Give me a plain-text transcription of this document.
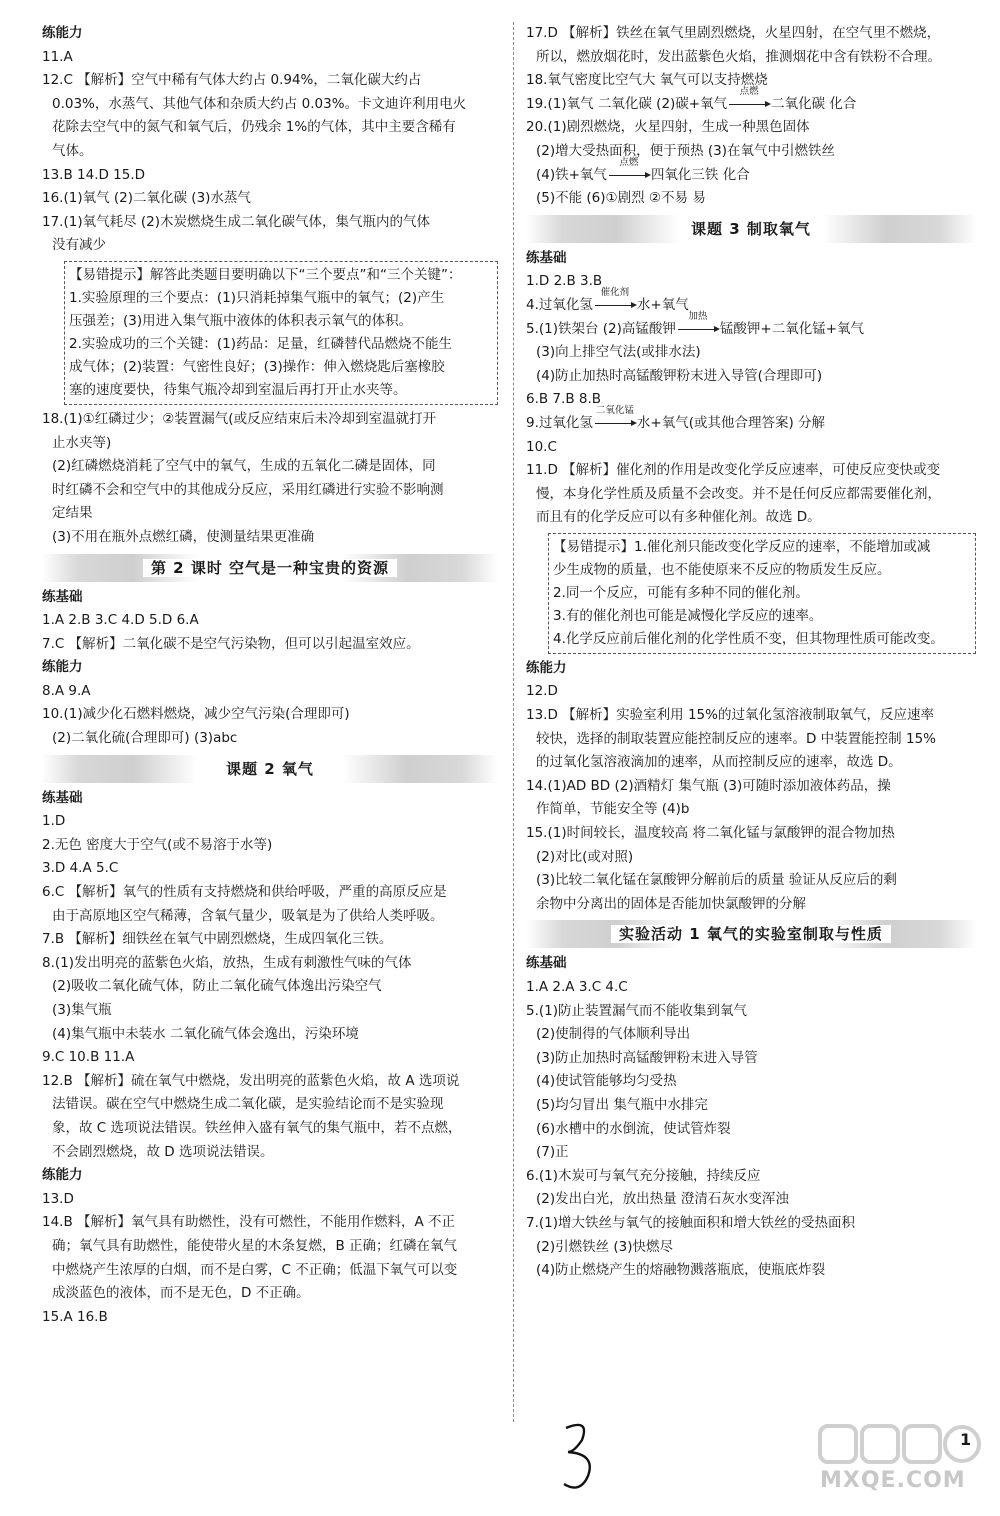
练能力
11.A
12.C 【解析】空气中稀有气体大约占 0.94%，二氧化碳大约占
0.03%，水蒸气、其他气体和杂质大约占 0.03%。卡文迪许利用电火
花除去空气中的氮气和氧气后，仍残余 1%的气体，其中主要含稀有
气体。
13.B 14.D 15.D
16.(1)氧气 (2)二氧化碳 (3)水蒸气
17.(1)氧气耗尽 (2)木炭燃烧生成二氧化碳气体，集气瓶内的气体
没有减少
【易错提示】解答此类题目要明确以下“三个要点”和“三个关键”：
1.实验原理的三个要点：(1)只消耗掉集气瓶中的氧气；(2)产生
压强差；(3)用进入集气瓶中液体的体积表示氧气的体积。
2.实验成功的三个关键：(1)药品：足量，红磷替代品燃烧不能生
成气体；(2)装置：气密性良好；(3)操作：伸入燃烧匙后塞橡胶
塞的速度要快，待集气瓶冷却到室温后再打开止水夹等。
18.(1)①红磷过少；②装置漏气(或反应结束后未冷却到室温就打开
止水夹等)
(2)红磷燃烧消耗了空气中的氧气，生成的五氧化二磷是固体，同
时红磷不会和空气中的其他成分反应，采用红磷进行实验不影响测
定结果
(3)不用在瓶外点燃红磷，使测量结果更准确
第 2 课时 空气是一种宝贵的资源
练基础
1.A 2.B 3.C 4.D 5.D 6.A
7.C 【解析】二氧化碳不是空气污染物，但可以引起温室效应。
练能力
8.A 9.A
10.(1)减少化石燃料燃烧，减少空气污染(合理即可)
(2)二氧化硫(合理即可) (3)abc
课题 2 氧气
练基础
1.D
2.无色 密度大于空气(或不易溶于水等)
3.D 4.A 5.C
6.C 【解析】氧气的性质有支持燃烧和供给呼吸，严重的高原反应是
由于高原地区空气稀薄，含氧气量少，吸氧是为了供给人类呼吸。
7.B 【解析】细铁丝在氧气中剧烈燃烧，生成四氧化三铁。
8.(1)发出明亮的蓝紫色火焰，放热，生成有刺激性气味的气体
(2)吸收二氧化硫气体，防止二氧化硫气体逸出污染空气
(3)集气瓶
(4)集气瓶中未装水 二氧化硫气体会逸出，污染环境
9.C 10.B 11.A
12.B 【解析】硫在氧气中燃烧，发出明亮的蓝紫色火焰，故 A 选项说
法错误。碳在空气中燃烧生成二氧化碳，是实验结论而不是实验现
象，故 C 选项说法错误。铁丝伸入盛有氧气的集气瓶中，若不点燃，
不会剧烈燃烧，故 D 选项说法错误。
练能力
13.D
14.B 【解析】氧气具有助燃性，没有可燃性，不能用作燃料，A 不正
确；氧气具有助燃性，能使带火星的木条复燃，B 正确；红磷在氧气
中燃烧产生浓厚的白烟，而不是白雾，C 不正确；低温下氧气可以变
成淡蓝色的液体，而不是无色，D 不正确。
15.A 16.B
17.D 【解析】铁丝在氧气里剧烈燃烧，火星四射，在空气里不燃烧，
所以，燃放烟花时，发出蓝紫色火焰，推测烟花中含有铁粉不合理。
18.氧气密度比空气大 氧气可以支持燃烧
19.(1)氧气 二氧化碳 (2)碳+氧气
点燃
二氧化碳 化合
20.(1)剧烈燃烧，火星四射，生成一种黑色固体
(2)增大受热面积，便于预热 (3)在氧气中引燃铁丝
(4)铁+氧气
点燃
四氧化三铁 化合
(5)不能 (6)①剧烈 ②不易 易
课题 3 制取氧气
练基础
1.D 2.B 3.B
4.过氧化氢
催化剂
水+氧气
5.(1)铁架台 (2)高锰酸钾
加热
锰酸钾+二氧化锰+氧气
(3)向上排空气法(或排水法)
(4)防止加热时高锰酸钾粉末进入导管(合理即可)
6.B 7.B 8.B
9.过氧化氢
二氧化锰
水+氧气(或其他合理答案) 分解
10.C
11.D 【解析】催化剂的作用是改变化学反应速率，可使反应变快或变
慢，本身化学性质及质量不会改变。并不是任何反应都需要催化剂，
而且有的化学反应可以有多种催化剂。故选 D。
【易错提示】1.催化剂只能改变化学反应的速率，不能增加或减
少生成物的质量，也不能使原来不反应的物质发生反应。
2.同一个反应，可能有多种不同的催化剂。
3.有的催化剂也可能是减慢化学反应的速率。
4.化学反应前后催化剂的化学性质不变，但其物理性质可能改变。
练能力
12.D
13.D 【解析】实验室利用 15%的过氧化氢溶液制取氧气，反应速率
较快，选择的制取装置应能控制反应的速率。D 中装置能控制 15%
的过氧化氢溶液滴加的速率，从而控制反应的速率，故选 D。
14.(1)AD BD (2)酒精灯 集气瓶 (3)可随时添加液体药品，操
作简单，节能安全等 (4)b
15.(1)时间较长，温度较高 将二氧化锰与氯酸钾的混合物加热
(2)对比(或对照)
(3)比较二氧化锰在氯酸钾分解前后的质量 验证从反应后的剩
余物中分离出的固体是否能加快氯酸钾的分解
实验活动 1 氧气的实验室制取与性质
练基础
1.A 2.A 3.C 4.C
5.(1)防止装置漏气而不能收集到氧气
(2)使制得的气体顺利导出
(3)防止加热时高锰酸钾粉末进入导管
(4)使试管能够均匀受热
(5)均匀冒出 集气瓶中水排完
(6)水槽中的水倒流，使试管炸裂
(7)正
6.(1)木炭可与氧气充分接触，持续反应
(2)发出白光，放出热量 澄清石灰水变浑浊
7.(1)增大铁丝与氧气的接触面积和增大铁丝的受热面积
(2)引燃铁丝 (3)快燃尽
(4)防止燃烧产生的熔融物溅落瓶底，使瓶底炸裂
1
MXQE.COM
